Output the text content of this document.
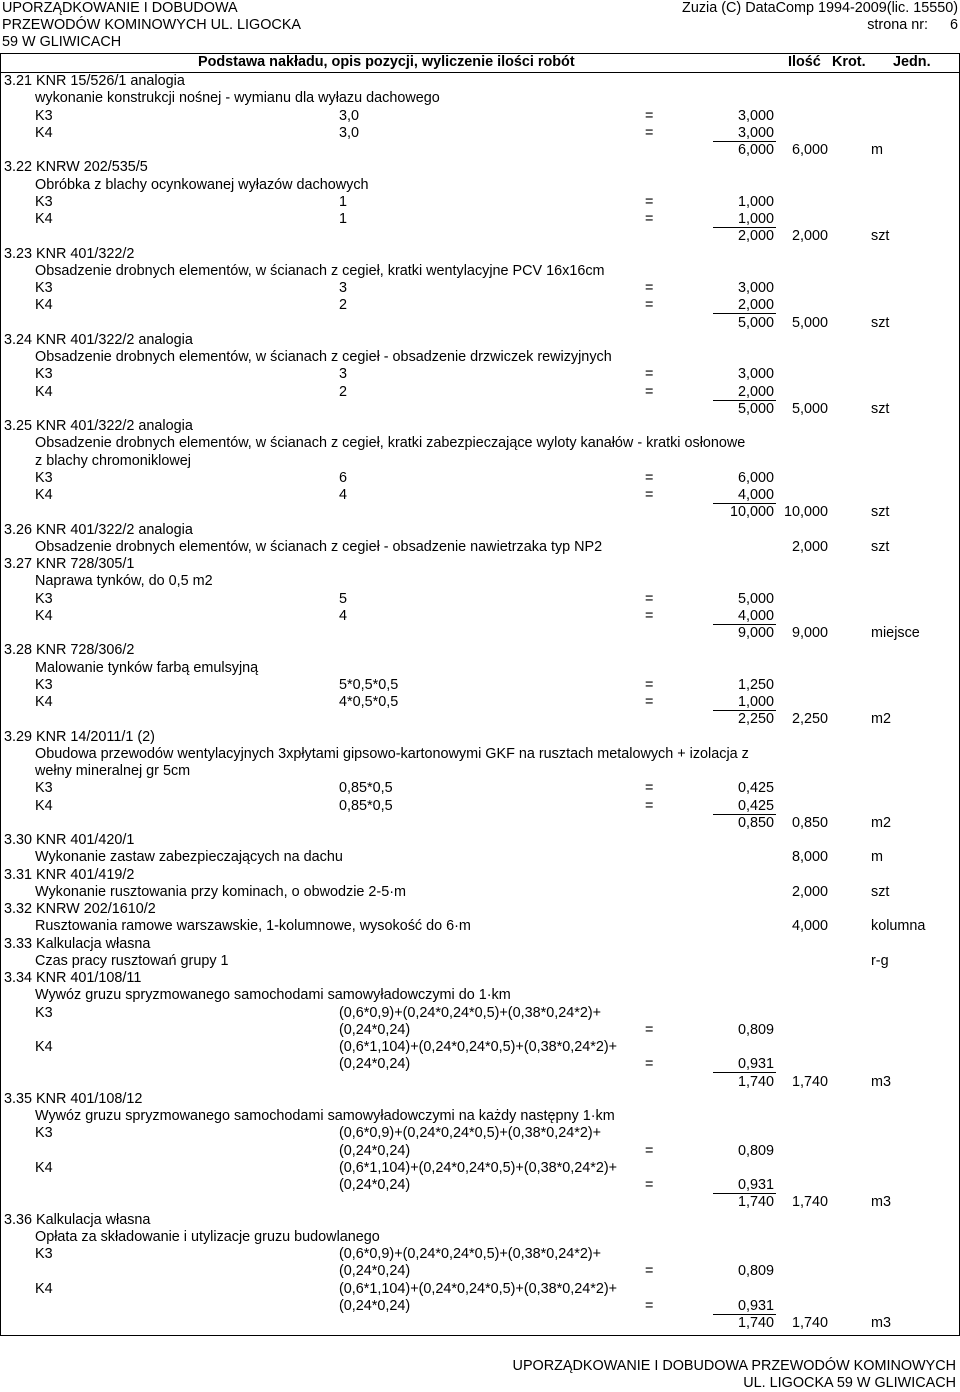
UPORZĄDKOWANIE I DOBUDOWA
PRZEWODÓW KOMINOWYCH UL. LIGOCKA
59 W GLIWICACH
Zuzia (C) DataComp 1994-2009(lic. 15550)
strona nr: 6
Podstawa nakładu, opis pozycji, wyliczenie ilości robót	Ilość Krot. Jedn.
3.21 KNR 15/526/1 analogia
wykonanie konstrukcji nośnej - wymianu dla wyłazu dachowego
K3	3,0	=	3,000
K4	3,0	=	3,000
6,000 6,000	m
3.22 KNRW 202/535/5
Obróbka z blachy ocynkowanej wyłazów dachowych
K3	1	=	1,000
K4	1	=	1,000
2,000 2,000	szt
3.23 KNR 401/322/2
Obsadzenie drobnych elementów, w ścianach z cegieł, kratki wentylacyjne PCV 16x16cm
K3	3	=	3,000
K4	2	=	2,000
5,000 5,000	szt
3.24 KNR 401/322/2 analogia
Obsadzenie drobnych elementów, w ścianach z cegieł - obsadzenie drzwiczek rewizyjnych
K3	3	=	3,000
K4	2	=	2,000
5,000 5,000	szt
3.25 KNR 401/322/2 analogia
Obsadzenie drobnych elementów, w ścianach z cegieł, kratki zabezpieczające wyloty kanałów - kratki osłonowe
z blachy chromoniklowej
K3	6	=	6,000
K4	4	=	4,000
10,000 10,000	szt
3.26 KNR 401/322/2 analogia
Obsadzenie drobnych elementów, w ścianach z cegieł - obsadzenie nawietrzaka typ NP2	2,000	szt
3.27 KNR 728/305/1
Naprawa tynków, do 0,5 m2
K3	5	=	5,000
K4	4	=	4,000
9,000 9,000	miejsce
3.28 KNR 728/306/2
Malowanie tynków farbą emulsyjną
K3	5*0,5*0,5	=	1,250
K4	4*0,5*0,5	=	1,000
2,250 2,250	m2
3.29 KNR 14/2011/1 (2)
Obudowa przewodów wentylacyjnych 3xpłytami gipsowo-kartonowymi GKF na rusztach metalowych + izolacja z
wełny mineralnej gr 5cm
K3	0,85*0,5	=	0,425
K4	0,85*0,5	=	0,425
0,850 0,850	m2
3.30 KNR 401/420/1
Wykonanie zastaw zabezpieczających na dachu	8,000	m
3.31 KNR 401/419/2
Wykonanie rusztowania przy kominach, o obwodzie 2-5·m	2,000	szt
3.32 KNRW 202/1610/2
Rusztowania ramowe warszawskie, 1-kolumnowe, wysokość do 6·m	4,000	kolumna
3.33 Kalkulacja własna
Czas pracy rusztowań grupy 1	r-g
3.34 KNR 401/108/11
Wywóz gruzu spryzmowanego samochodami samowyładowczymi do 1·km
K3	(0,6*0,9)+(0,24*0,24*0,5)+(0,38*0,24*2)+
(0,24*0,24)	=	0,809
K4	(0,6*1,104)+(0,24*0,24*0,5)+(0,38*0,24*2)+
(0,24*0,24)	=	0,931
1,740 1,740	m3
3.35 KNR 401/108/12
Wywóz gruzu spryzmowanego samochodami samowyładowczymi na każdy następny 1·km
K3	(0,6*0,9)+(0,24*0,24*0,5)+(0,38*0,24*2)+
(0,24*0,24)	=	0,809
K4	(0,6*1,104)+(0,24*0,24*0,5)+(0,38*0,24*2)+
(0,24*0,24)	=	0,931
1,740 1,740	m3
3.36 Kalkulacja własna
Opłata za składowanie i utylizacje gruzu budowlanego
K3	(0,6*0,9)+(0,24*0,24*0,5)+(0,38*0,24*2)+
(0,24*0,24)	=	0,809
K4	(0,6*1,104)+(0,24*0,24*0,5)+(0,38*0,24*2)+
(0,24*0,24)	=	0,931
1,740 1,740	m3
UPORZĄDKOWANIE I DOBUDOWA PRZEWODÓW KOMINOWYCH
UL. LIGOCKA 59 W GLIWICACH
